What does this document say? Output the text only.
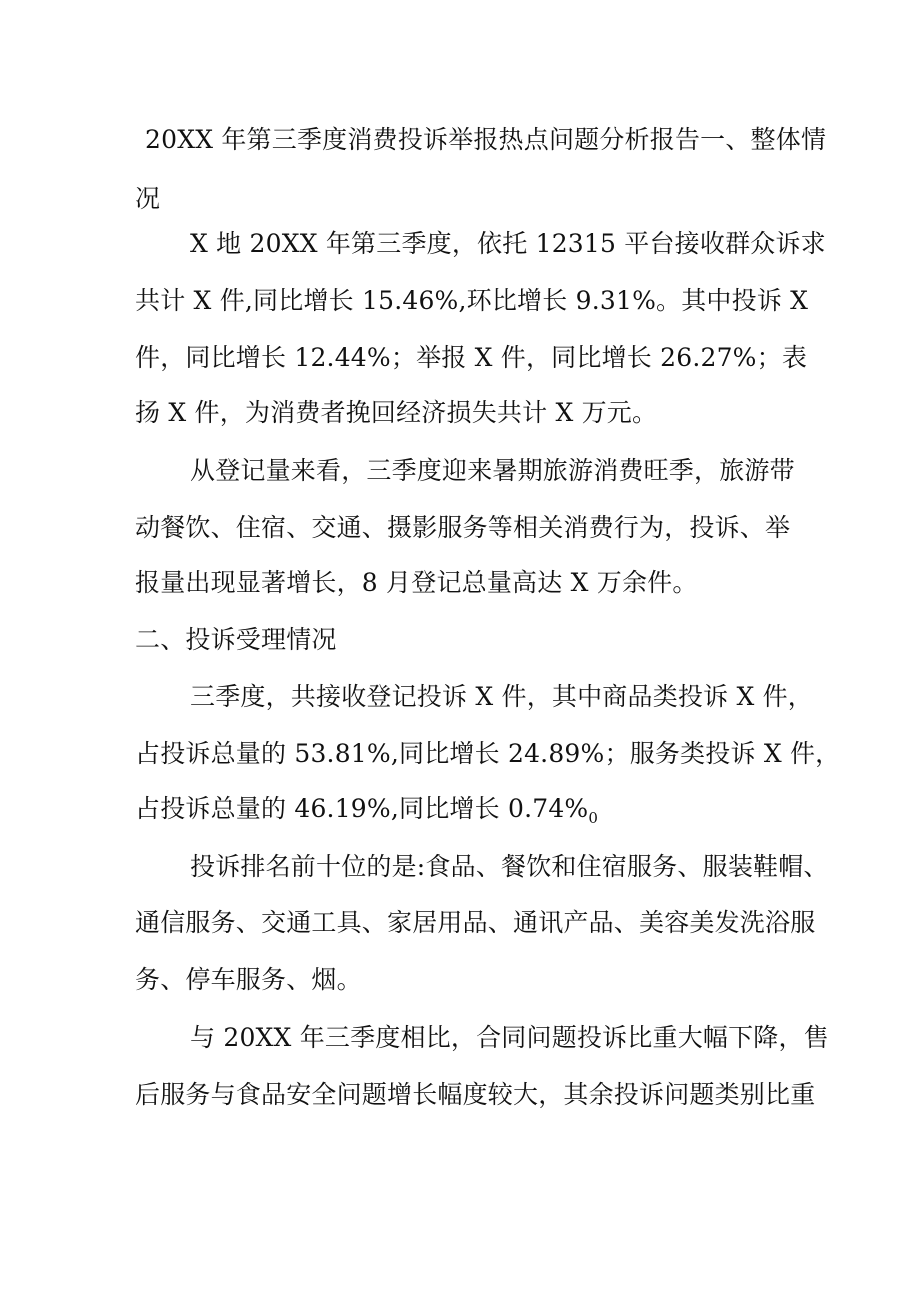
20XX 年第三季度消费投诉举报热点问题分析报告一、整体情
况
X 地 20XX 年第三季度，依托 12315 平台接收群众诉求
共计 X 件,同比增长 15.46%,环比增长 9.31%。其中投诉 X
件，同比增长 12.44%；举报 X 件，同比增长 26.27%；表
扬 X 件，为消费者挽回经济损失共计 X 万元。
从登记量来看，三季度迎来暑期旅游消费旺季，旅游带
动餐饮、住宿、交通、摄影服务等相关消费行为，投诉、举
报量出现显著增长，8 月登记总量高达 X 万余件。
二、投诉受理情况
三季度，共接收登记投诉 X 件，其中商品类投诉 X 件，
占投诉总量的 53.81%,同比增长 24.89%；服务类投诉 X 件，
占投诉总量的 46.19%,同比增长 $0.74\%_0$
投诉排名前十位的是:食品、餐饮和住宿服务、服装鞋帽、
通信服务、交通工具、家居用品、通讯产品、美容美发洗浴服
务、停车服务、烟。
与 20XX 年三季度相比，合同问题投诉比重大幅下降，售
后服务与食品安全问题增长幅度较大，其余投诉问题类别比重
